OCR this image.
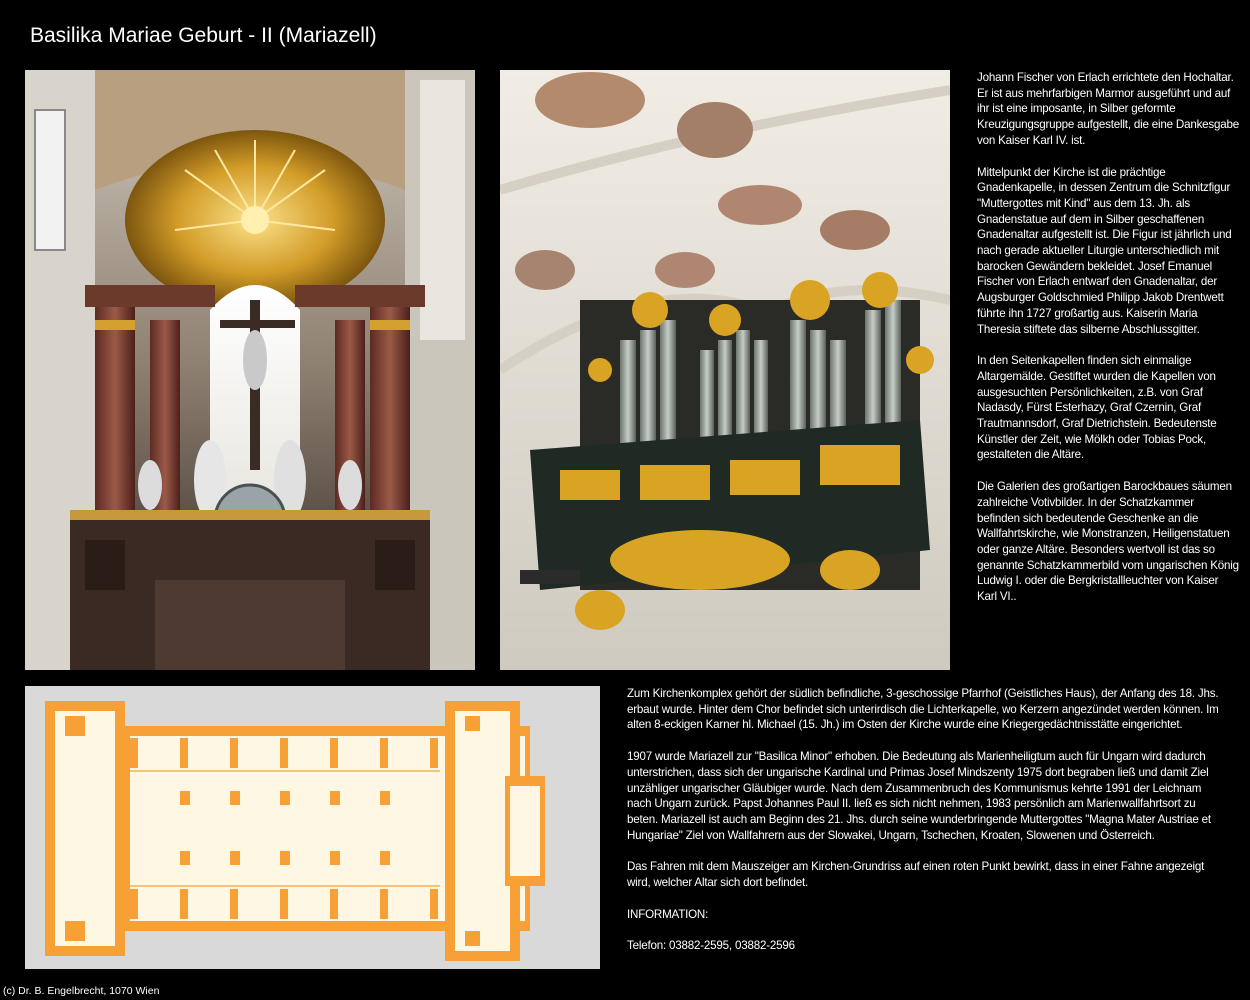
Basilika Mariae Geburt - II (Mariazell)

Johann Fischer von Erlach errichtete den Hochaltar. Er ist aus mehrfarbigen Marmor ausgeführt und auf ihr ist eine imposante, in Silber geformte Kreuzigungsgruppe aufgestellt, die eine Dankesgabe von Kaiser Karl IV. ist.

Mittelpunkt der Kirche ist die prächtige Gnadenkapelle, in dessen Zentrum die Schnitzfigur "Muttergottes mit Kind" aus dem 13. Jh. als Gnadenstatue auf dem in Silber geschaffenen Gnadenaltar aufgestellt ist. Die Figur ist jährlich und nach gerade aktueller Liturgie unterschiedlich mit barocken Gewändern bekleidet. Josef Emanuel Fischer von Erlach entwarf den Gnadenaltar, der Augsburger Goldschmied Philipp Jakob Drentwett führte ihn 1727 großartig aus. Kaiserin Maria Theresia stiftete das silberne Abschlussgitter.

In den Seitenkapellen finden sich einmalige Altargemälde. Gestiftet wurden die Kapellen von ausgesuchten Persönlichkeiten, z.B. von Graf Nadasdy, Fürst Esterhazy, Graf Czernin, Graf Trautmannsdorf, Graf Dietrichstein. Bedeutenste Künstler der Zeit, wie Mölkh oder Tobias Pock, gestalteten die Altäre.

Die Galerien des großartigen Barockbaues säumen zahlreiche Votivbilder. In der Schatzkammer befinden sich bedeutende Geschenke an die Wallfahrtskirche, wie Monstranzen, Heiligenstatuen oder ganze Altäre. Besonders wertvoll ist das so genannte Schatzkammerbild vom ungarischen König Ludwig I. oder die Bergkristallleuchter von Kaiser Karl VI..

Zum Kirchenkomplex gehört der südlich befindliche, 3-geschossige Pfarrhof (Geistliches Haus), der Anfang des 18. Jhs. erbaut wurde. Hinter dem Chor befindet sich unterirdisch die Lichterkapelle, wo Kerzern angezündet werden können. Im alten 8-eckigen Karner hl. Michael (15. Jh.) im Osten der Kirche wurde eine Kriegergedächtnisstätte eingerichtet.

1907 wurde Mariazell zur "Basilica Minor" erhoben. Die Bedeutung als Marienheiligtum auch für Ungarn wird dadurch unterstrichen, dass sich der ungarische Kardinal und Primas Josef Mindszenty 1975 dort begraben ließ und damit Ziel unzähliger ungarischer Gläubiger wurde. Nach dem Zusammenbruch des Kommunismus kehrte 1991 der Leichnam nach Ungarn zurück. Papst Johannes Paul II. ließ es sich nicht nehmen, 1983 persönlich am Marienwallfahrtsort zu beten. Mariazell ist auch am Beginn des 21. Jhs. durch seine wunderbringende Muttergottes "Magna Mater Austriae et Hungariae" Ziel von Wallfahrern aus der Slowakei, Ungarn, Tschechen, Kroaten, Slowenen und Österreich.

Das Fahren mit dem Mauszeiger am Kirchen-Grundriss auf einen roten Punkt bewirkt, dass in einer Fahne angezeigt wird, welcher Altar sich dort befindet.

INFORMATION:

Telefon: 03882-2595, 03882-2596

(c) Dr. B. Engelbrecht, 1070 Wien
